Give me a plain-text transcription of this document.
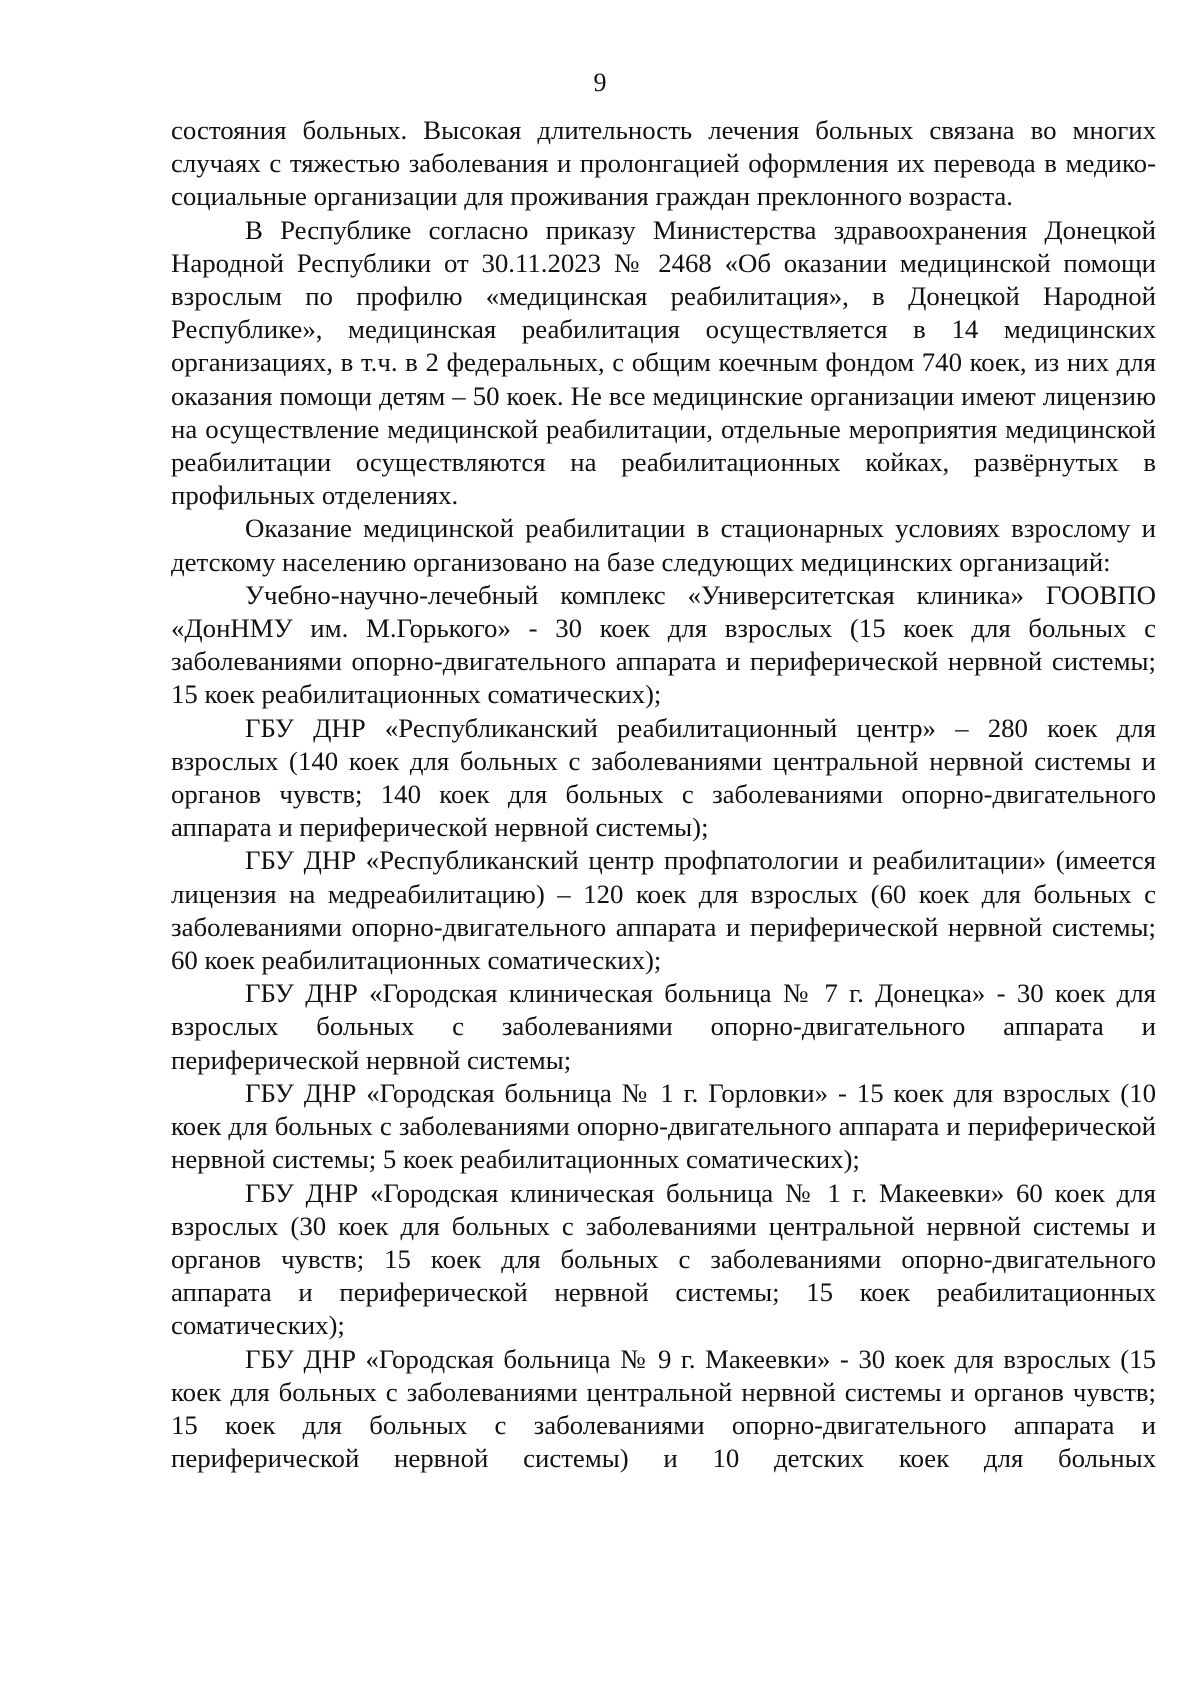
9

состояния больных. Высокая длительность лечения больных связана во многих случаях с тяжестью заболевания и пролонгацией оформления их перевода в медико-социальные организации для проживания граждан преклонного возраста.

В Республике согласно приказу Министерства здравоохранения Донецкой Народной Республики от 30.11.2023 № 2468 «Об оказании медицинской помощи взрослым по профилю «медицинская реабилитация», в Донецкой Народной Республике», медицинская реабилитация осуществляется в 14 медицинских организациях, в т.ч. в 2 федеральных, с общим коечным фондом 740 коек, из них для оказания помощи детям – 50 коек. Не все медицинские организации имеют лицензию на осуществление медицинской реабилитации, отдельные мероприятия медицинской реабилитации осуществляются на реабилитационных койках, развёрнутых в профильных отделениях.

Оказание медицинской реабилитации в стационарных условиях взрослому и детскому населению организовано на базе следующих медицинских организаций:

Учебно-научно-лечебный комплекс «Университетская клиника» ГООВПО «ДонНМУ им. М.Горького» - 30 коек для взрослых (15 коек для больных с заболеваниями опорно-двигательного аппарата и периферической нервной системы; 15 коек реабилитационных соматических);

ГБУ ДНР «Республиканский реабилитационный центр» – 280 коек для взрослых (140 коек для больных с заболеваниями центральной нервной системы и органов чувств; 140 коек для больных с заболеваниями опорно-двигательного аппарата и периферической нервной системы);

ГБУ ДНР «Республиканский центр профпатологии и реабилитации» (имеется лицензия на медреабилитацию) – 120 коек для взрослых (60 коек для больных с заболеваниями опорно-двигательного аппарата и периферической нервной системы; 60 коек реабилитационных соматических);

ГБУ ДНР «Городская клиническая больница № 7 г. Донецка» - 30 коек для взрослых больных с заболеваниями опорно-двигательного аппарата и периферической нервной системы;

ГБУ ДНР «Городская больница № 1 г. Горловки» - 15 коек для взрослых (10 коек для больных с заболеваниями опорно-двигательного аппарата и периферической нервной системы; 5 коек реабилитационных соматических);

ГБУ ДНР «Городская клиническая больница № 1 г. Макеевки» 60 коек для взрослых (30 коек для больных с заболеваниями центральной нервной системы и органов чувств; 15 коек для больных с заболеваниями опорно-двигательного аппарата и периферической нервной системы; 15 коек реабилитационных соматических);

ГБУ ДНР «Городская больница № 9 г. Макеевки» - 30 коек для взрослых (15 коек для больных с заболеваниями центральной нервной системы и органов чувств; 15 коек для больных с заболеваниями опорно-двигательного аппарата и периферической нервной системы) и 10 детских коек для больных
